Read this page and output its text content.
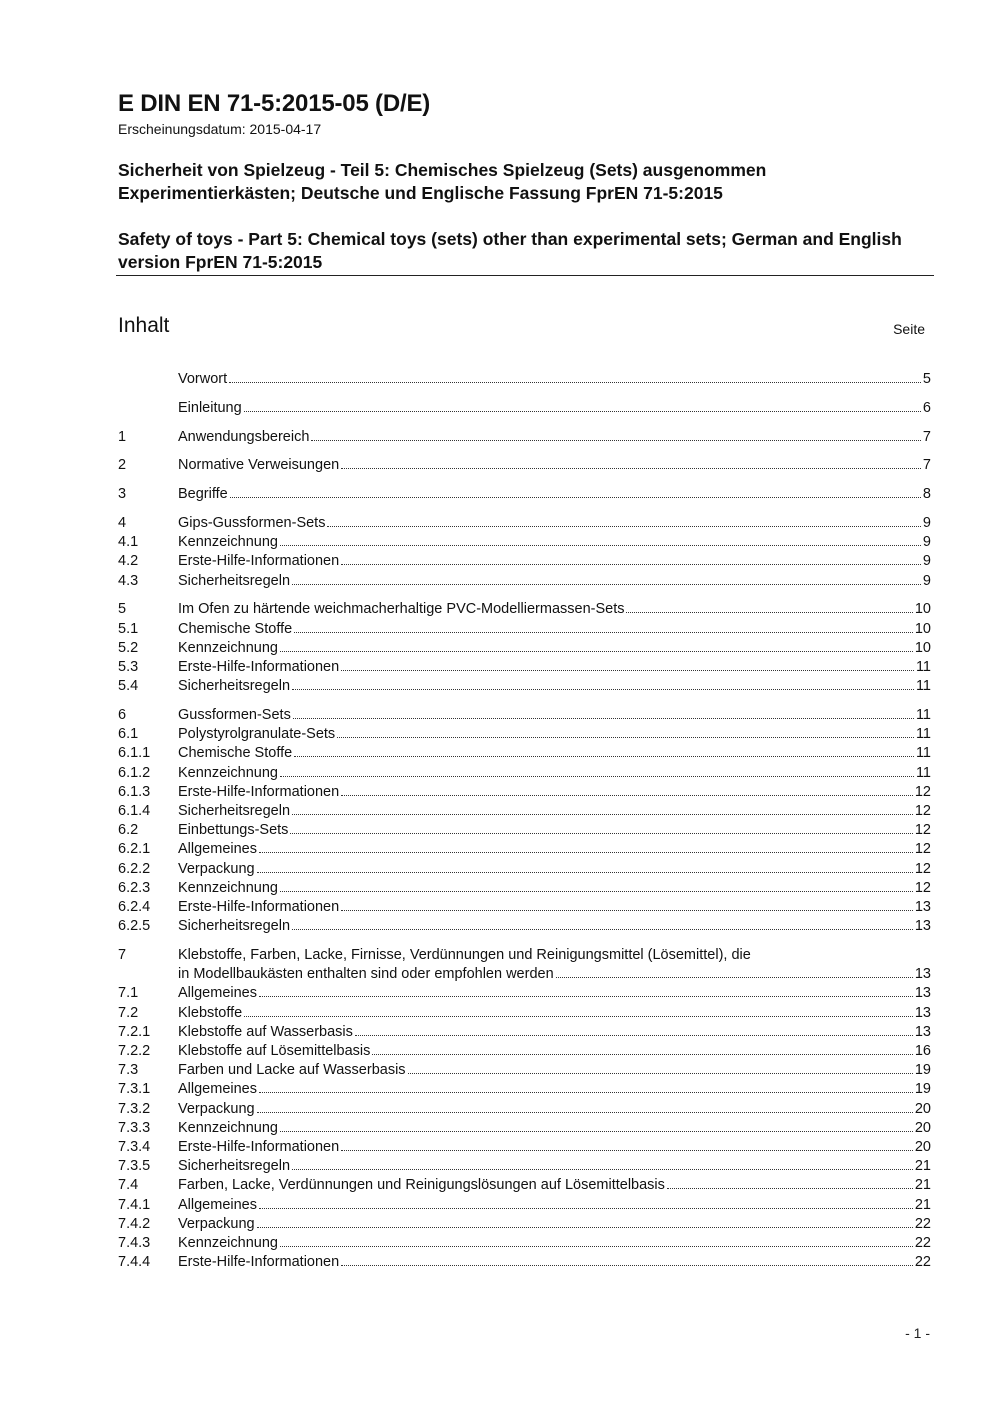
E DIN EN 71-5:2015-05 (D/E)
Erscheinungsdatum: 2015-04-17
Sicherheit von Spielzeug - Teil 5: Chemisches Spielzeug (Sets) ausgenommen Experimentierkästen; Deutsche und Englische Fassung FprEN 71-5:2015
Safety of toys - Part 5: Chemical toys (sets) other than experimental sets; German and English version FprEN 71-5:2015
Inhalt	Seite
Vorwort	5
Einleitung	6
1	Anwendungsbereich	7
2	Normative Verweisungen	7
3	Begriffe	8
4	Gips-Gussformen-Sets	9
4.1	Kennzeichnung	9
4.2	Erste-Hilfe-Informationen	9
4.3	Sicherheitsregeln	9
5	Im Ofen zu härtende weichmacherhaltige PVC-Modelliermassen-Sets	10
5.1	Chemische Stoffe	10
5.2	Kennzeichnung	10
5.3	Erste-Hilfe-Informationen	11
5.4	Sicherheitsregeln	11
6	Gussformen-Sets	11
6.1	Polystyrolgranulate-Sets	11
6.1.1	Chemische Stoffe	11
6.1.2	Kennzeichnung	11
6.1.3	Erste-Hilfe-Informationen	12
6.1.4	Sicherheitsregeln	12
6.2	Einbettungs-Sets	12
6.2.1	Allgemeines	12
6.2.2	Verpackung	12
6.2.3	Kennzeichnung	12
6.2.4	Erste-Hilfe-Informationen	13
6.2.5	Sicherheitsregeln	13
7	Klebstoffe, Farben, Lacke, Firnisse, Verdünnungen und Reinigungsmittel (Lösemittel), die
in Modellbaukästen enthalten sind oder empfohlen werden	13
7.1	Allgemeines	13
7.2	Klebstoffe	13
7.2.1	Klebstoffe auf Wasserbasis	13
7.2.2	Klebstoffe auf Lösemittelbasis	16
7.3	Farben und Lacke auf Wasserbasis	19
7.3.1	Allgemeines	19
7.3.2	Verpackung	20
7.3.3	Kennzeichnung	20
7.3.4	Erste-Hilfe-Informationen	20
7.3.5	Sicherheitsregeln	21
7.4	Farben, Lacke, Verdünnungen und Reinigungslösungen auf Lösemittelbasis	21
7.4.1	Allgemeines	21
7.4.2	Verpackung	22
7.4.3	Kennzeichnung	22
7.4.4	Erste-Hilfe-Informationen	22
- 1 -
